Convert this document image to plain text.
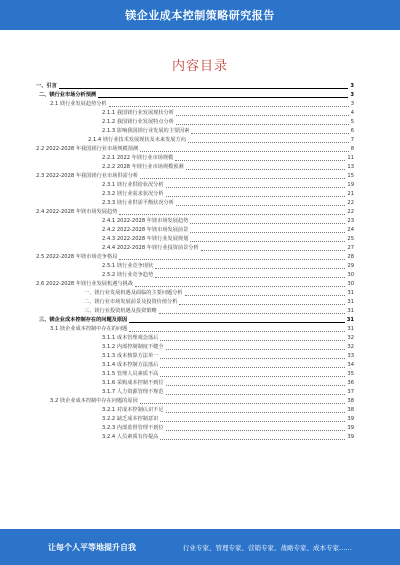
镁企业成本控制策略研究报告
内容目录
一、引言	3
二、镁行业市场分析预测	3
2.1 镁行业发展趋势分析	3
2.1.1 我国镁行业发展现状分析	4
2.1.2 我国镁行业发展特点分析	5
2.1.3 影响我国镁行业发展的主要因素	6
2.1.4 镁行业技术发展现状及未来发展方向	7
2.2 2022-2028 年我国镁行业市场规模预测	8
2.2.1 2022 年镁行业市场规模	11
2.2.2 2028 年镁行业市场规模预测	13
2.3 2022-2028 年我国镁行业市场供需分析	15
2.3.1 镁行业供给状况分析	19
2.3.2 镁行业需求状况分析	21
2.3.3 镁行业供需平衡状况分析	22
2.4 2022-2028 年镁市场发展趋势	22
2.4.1 2022-2028 年镁市场发展趋势	23
2.4.2 2022-2028 年镁市场发展前景	24
2.4.3 2022-2028 年镁行业发展规划	25
2.4.4 2022-2028 年镁行业投资前景分析	27
2.5 2022-2028 年镁市场竞争格局	28
2.5.1 镁行业竞争现状	29
2.5.2 镁行业竞争趋势	30
2.6 2022-2028 年镁行业发展机遇与挑战	30
一、镁行业发展机遇及面临的主要问题分析	31
二、镁行业市场发展前景及投资价值分析	31
三、镁行业投资机遇及投资策略	31
三、镁企业成本控制存在的问题及原因	31
3.1 镁企业成本控制中存在的问题	31
3.1.1 成本管理观念落后	32
3.1.2 内部控制制度不健全	32
3.1.3 成本核算方法单一	33
3.1.4 成本控制方法落后	34
3.1.5 管理人员素质不高	35
3.1.6 采购成本控制不到位	36
3.1.7 人力资源管理不规范	37
3.2 镁企业成本控制中存在问题的原因	38
3.2.1 对成本控制认识不足	38
3.2.2 缺乏成本控制意识	39
3.2.3 内部监督管理不到位	39
3.2.4 人员素质有待提高	39
让每个人平等地提升自我	行业专家、管理专家、营销专家、战略专家、成本专家……
